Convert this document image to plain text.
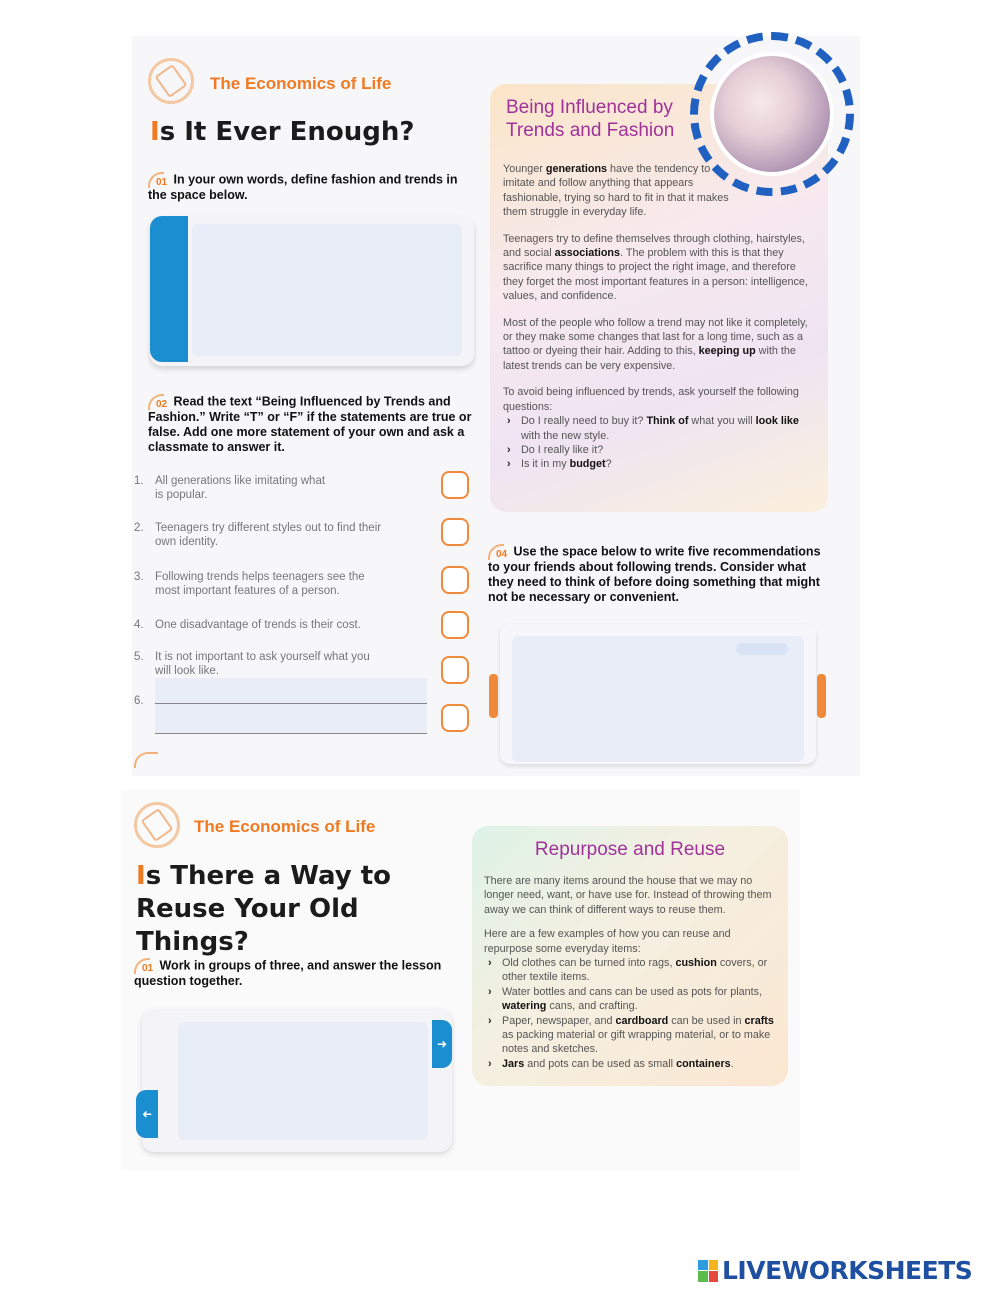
The Economics of Life
Is It Ever Enough?
01 In your own words, define fashion and trends in the space below.
02 Read the text “Being Influenced by Trends and Fashion.” Write “T” or “F” if the statements are true or false. Add one more statement of your own and ask a classmate to answer it.
1. All generations like imitating what
is popular.
2. Teenagers try different styles out to find their
own identity.
3. Following trends helps teenagers see the
most important features of a person.
4. One disadvantage of trends is their cost.
5. It is not important to ask yourself what you
will look like.
6.
Being Influenced by
Trends and Fashion

Younger generations have the tendency to imitate and follow anything that appears fashionable, trying so hard to fit in that it makes them struggle in everyday life.

Teenagers try to define themselves through clothing, hairstyles, and social associations. The problem with this is that they sacrifice many things to project the right image, and therefore they forget the most important features in a person: intelligence, values, and confidence.

Most of the people who follow a trend may not like it completely, or they make some changes that last for a long time, such as a tattoo or dyeing their hair. Adding to this, keeping up with the latest trends can be very expensive.

To avoid being influenced by trends, ask yourself the following questions:

› Do I really need to buy it? Think of what you will look like with the new style.
› Do I really like it?
› Is it in my budget?
04 Use the space below to write five recommendations to your friends about following trends. Consider what they need to think of before doing something that might not be necessary or convenient.
The Economics of Life
Is There a Way to
Reuse Your Old Things?
01 Work in groups of three, and answer the lesson question together.
➜
➜
Repurpose and Reuse

There are many items around the house that we may no longer need, want, or have use for. Instead of throwing them away we can think of different ways to reuse them.

Here are a few examples of how you can reuse and repurpose some everyday items:

› Old clothes can be turned into rags, cushion covers, or other textile items.
› Water bottles and cans can be used as pots for plants, watering cans, and crafting.
› Paper, newspaper, and cardboard can be used in crafts as packing material or gift wrapping material, or to make notes and sketches.
› Jars and pots can be used as small containers.
LIVEWORKSHEETS
